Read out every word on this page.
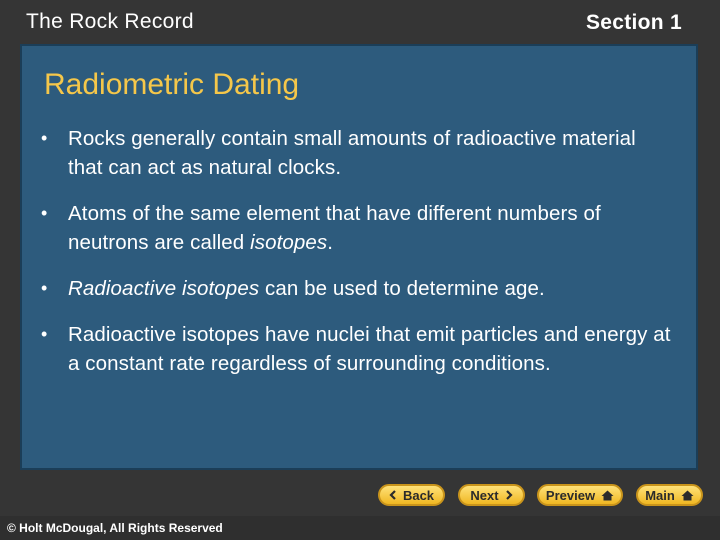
The Rock Record	Section 1
Radiometric Dating
• Rocks generally contain small amounts of radioactive material that can act as natural clocks.
• Atoms of the same element that have different numbers of neutrons are called isotopes.
• Radioactive isotopes can be used to determine age.
• Radioactive isotopes have nuclei that emit particles and energy at a constant rate regardless of surrounding conditions.
Back	Next	Preview	Main
© Holt McDougal, All Rights Reserved
